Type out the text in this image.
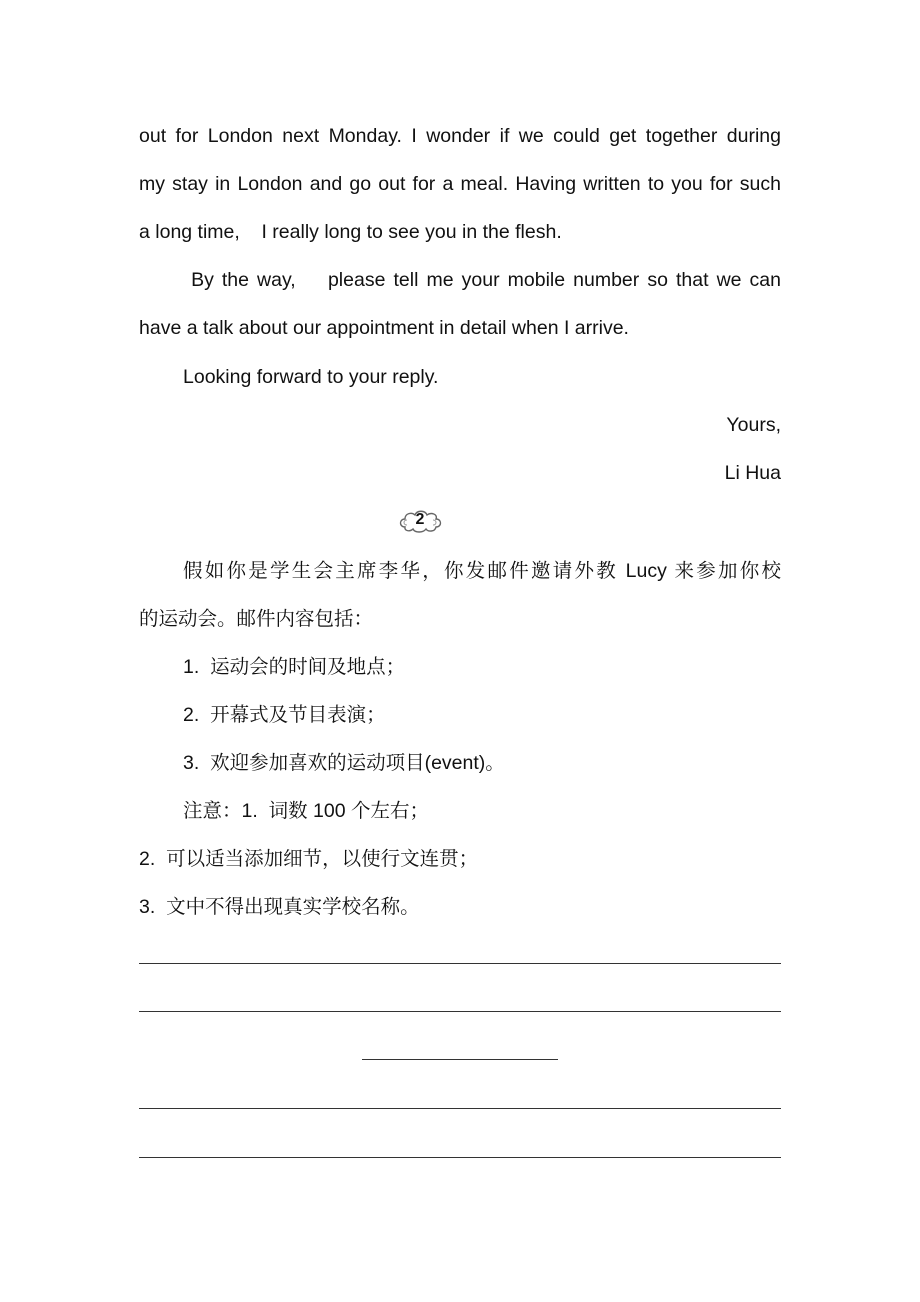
out for London next Monday. I wonder if we could get together during
my stay in London and go out for a meal. Having written to you for such
a long time,    I really long to see you in the flesh.
By the way,    please tell me your mobile number so that we can
have a talk about our appointment in detail when I arrive.
Looking forward to your reply.
Yours,
Li Hua
2
假如你是学生会主席李华，你发邮件邀请外教 Lucy 来参加你校
的运动会。邮件内容包括：
1.  运动会的时间及地点；
2.  开幕式及节目表演；
3.  欢迎参加喜欢的运动项目(event)。
注意：1.  词数 100 个左右；
2.  可以适当添加细节，以使行文连贯；
3.  文中不得出现真实学校名称。
